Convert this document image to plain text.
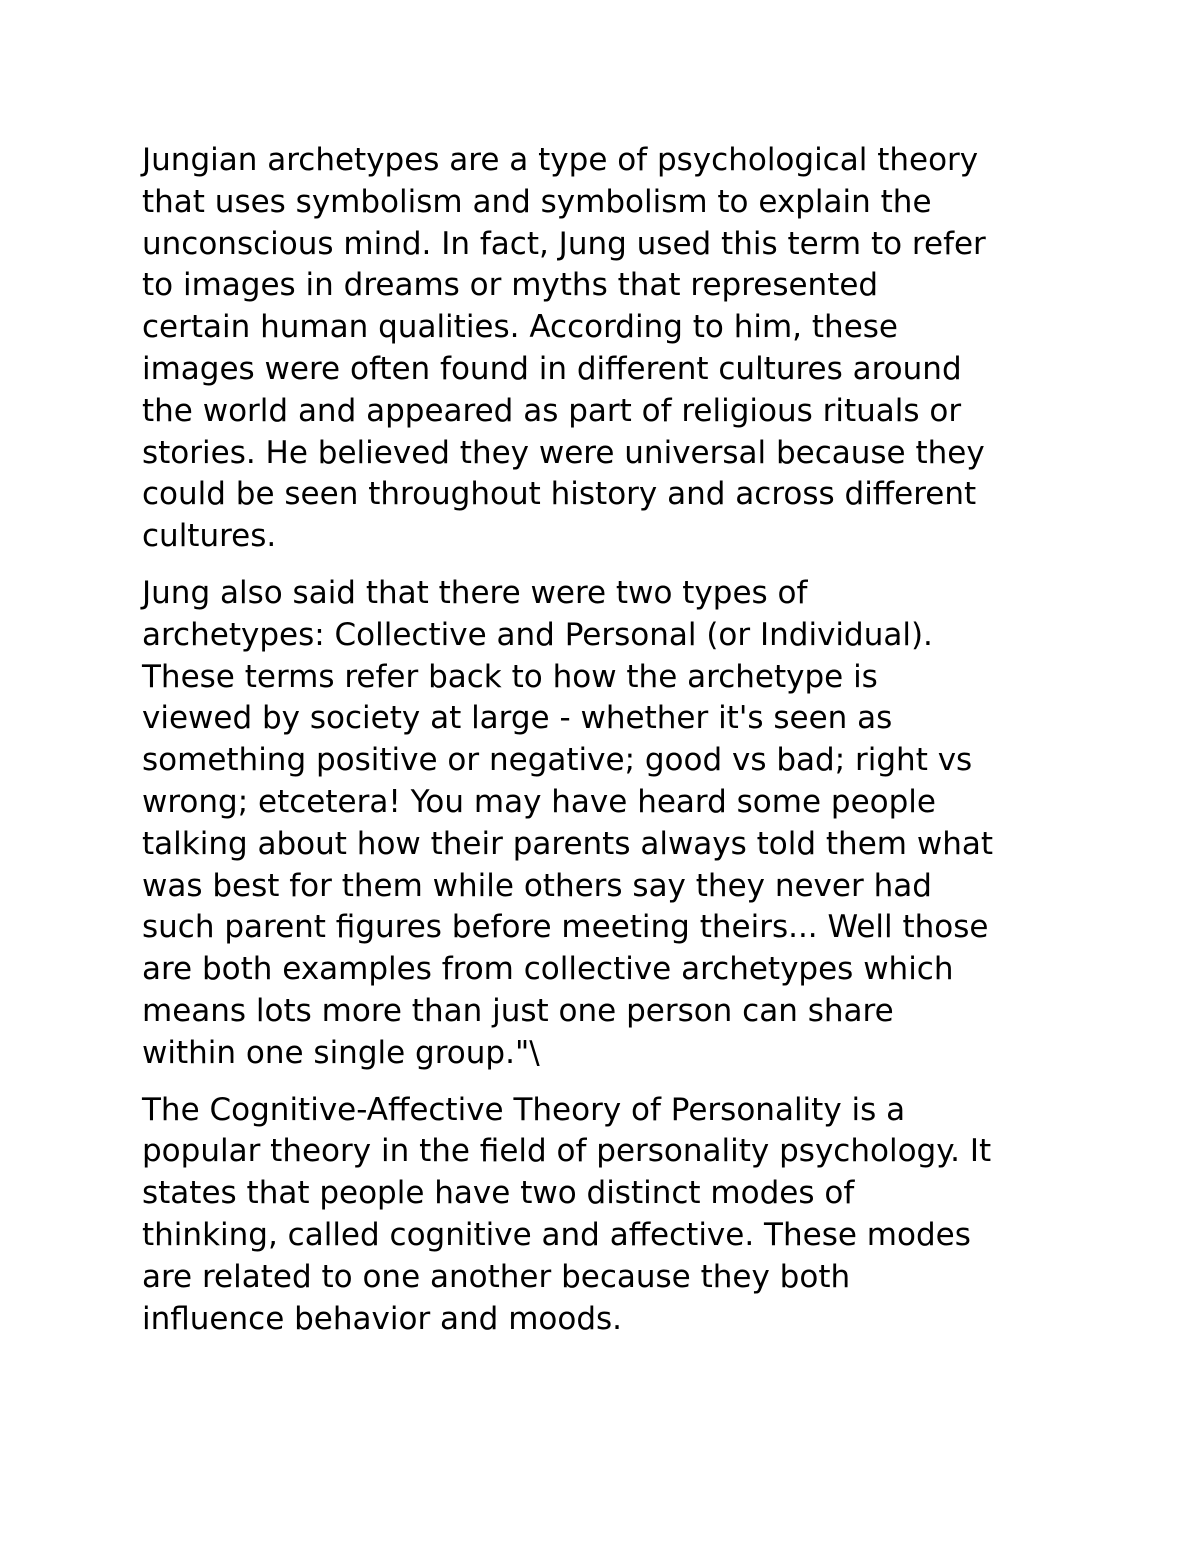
Jungian archetypes are a type of psychological theory
that uses symbolism and symbolism to explain the
unconscious mind. In fact, Jung used this term to refer
to images in dreams or myths that represented
certain human qualities. According to him, these
images were often found in different cultures around
the world and appeared as part of religious rituals or
stories. He believed they were universal because they
could be seen throughout history and across different
cultures.

Jung also said that there were two types of
archetypes: Collective and Personal (or Individual).
These terms refer back to how the archetype is
viewed by society at large - whether it's seen as
something positive or negative; good vs bad; right vs
wrong; etcetera! You may have heard some people
talking about how their parents always told them what
was best for them while others say they never had
such parent figures before meeting theirs... Well those
are both examples from collective archetypes which
means lots more than just one person can share
within one single group."\

The Cognitive-Affective Theory of Personality is a
popular theory in the field of personality psychology. It
states that people have two distinct modes of
thinking, called cognitive and affective. These modes
are related to one another because they both
influence behavior and moods.
